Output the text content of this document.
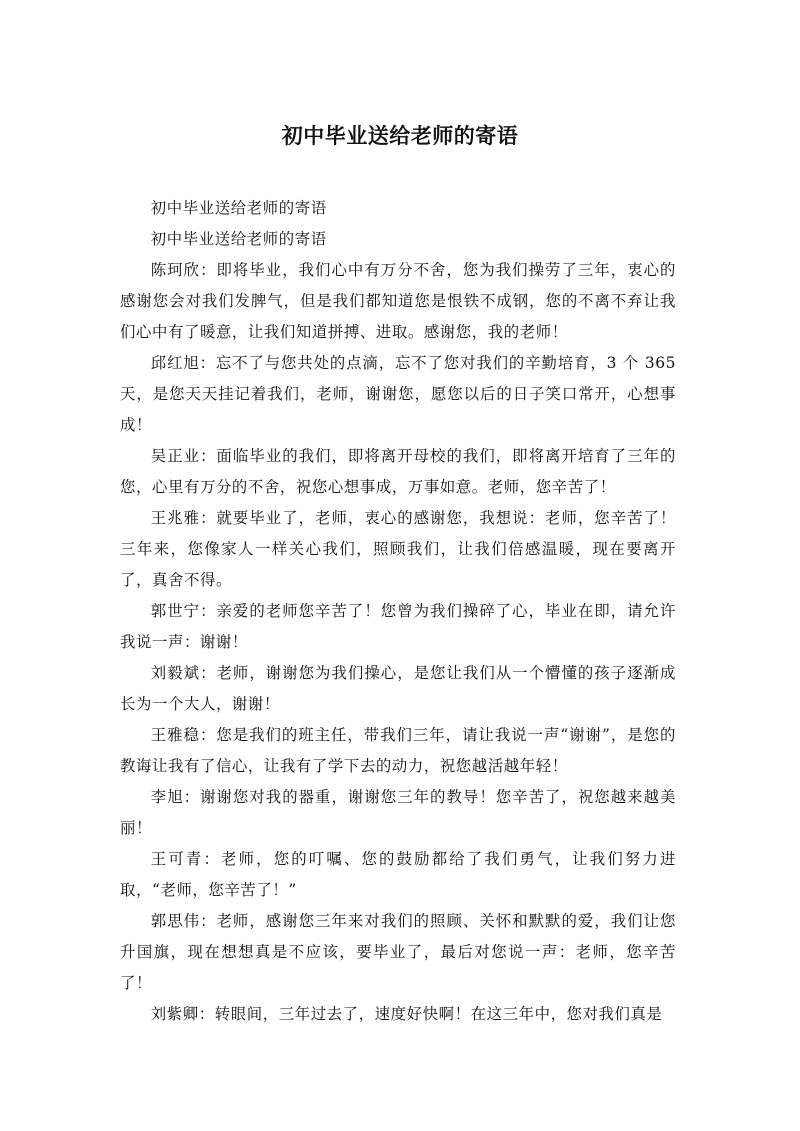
初中毕业送给老师的寄语

初中毕业送给老师的寄语

初中毕业送给老师的寄语

陈珂欣：即将毕业，我们心中有万分不舍，您为我们操劳了三年，衷心的感谢您会对我们发脾气，但是我们都知道您是恨铁不成钢，您的不离不弃让我们心中有了暖意，让我们知道拼搏、进取。感谢您，我的老师！

邱红旭：忘不了与您共处的点滴，忘不了您对我们的辛勤培育，3 个 365 天，是您天天挂记着我们，老师，谢谢您，愿您以后的日子笑口常开，心想事成！

吴正业：面临毕业的我们，即将离开母校的我们，即将离开培育了三年的您，心里有万分的不舍，祝您心想事成，万事如意。老师，您辛苦了！

王兆雅：就要毕业了，老师，衷心的感谢您，我想说：老师，您辛苦了！三年来，您像家人一样关心我们，照顾我们，让我们倍感温暖，现在要离开了，真舍不得。

郭世宁：亲爱的老师您辛苦了！您曾为我们操碎了心，毕业在即，请允许我说一声：谢谢！

刘毅斌：老师，谢谢您为我们操心，是您让我们从一个懵懂的孩子逐渐成长为一个大人，谢谢！

王雅稳：您是我们的班主任，带我们三年，请让我说一声“谢谢”，是您的教诲让我有了信心，让我有了学下去的动力，祝您越活越年轻！

李旭：谢谢您对我的器重，谢谢您三年的教导！您辛苦了，祝您越来越美丽！

王可青：老师，您的叮嘱、您的鼓励都给了我们勇气，让我们努力进取，“老师，您辛苦了！”

郭思伟：老师，感谢您三年来对我们的照顾、关怀和默默的爱，我们让您升国旗，现在想想真是不应该，要毕业了，最后对您说一声：老师，您辛苦了！

刘紫卿：转眼间，三年过去了，速度好快啊！在这三年中，您对我们真是
